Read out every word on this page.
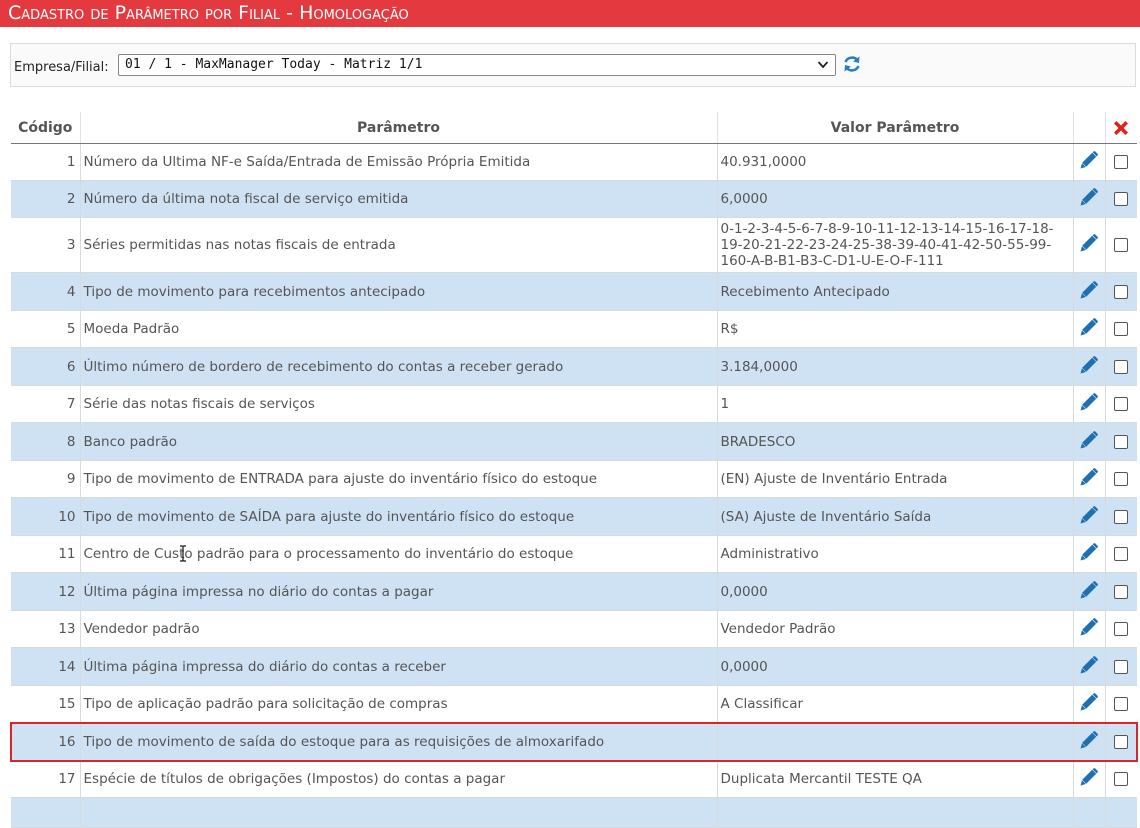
Cadastro de Parâmetro por Filial - Homologação
Empresa/Filial:	01 / 1 - MaxManager Today - Matriz 1/1
Código	Parâmetro	Valor Parâmetro		
1	Número da Ultima NF-e Saída/Entrada de Emissão Própria Emitida	40.931,0000		
2	Número da última nota fiscal de serviço emitida	6,0000		
3	Séries permitidas nas notas fiscais de entrada	0-1-2-3-4-5-6-7-8-9-10-11-12-13-14-15-16-17-18-19-20-21-22-23-24-25-38-39-40-41-42-50-55-99-160-A-B-B1-B3-C-D1-U-E-O-F-111		
4	Tipo de movimento para recebimentos antecipado	Recebimento Antecipado		
5	Moeda Padrão	R$		
6	Último número de bordero de recebimento do contas a receber gerado	3.184,0000		
7	Série das notas fiscais de serviços	1		
8	Banco padrão	BRADESCO		
9	Tipo de movimento de ENTRADA para ajuste do inventário físico do estoque	(EN) Ajuste de Inventário Entrada		
10	Tipo de movimento de SAÍDA para ajuste do inventário físico do estoque	(SA) Ajuste de Inventário Saída		
11	Centro de Custo padrão para o processamento do inventário do estoque	Administrativo		
12	Última página impressa no diário do contas a pagar	0,0000		
13	Vendedor padrão	Vendedor Padrão		
14	Última página impressa do diário do contas a receber	0,0000		
15	Tipo de aplicação padrão para solicitação de compras	A Classificar		
16	Tipo de movimento de saída do estoque para as requisições de almoxarifado			
17	Espécie de títulos de obrigações (Impostos) do contas a pagar	Duplicata Mercantil TESTE QA		
